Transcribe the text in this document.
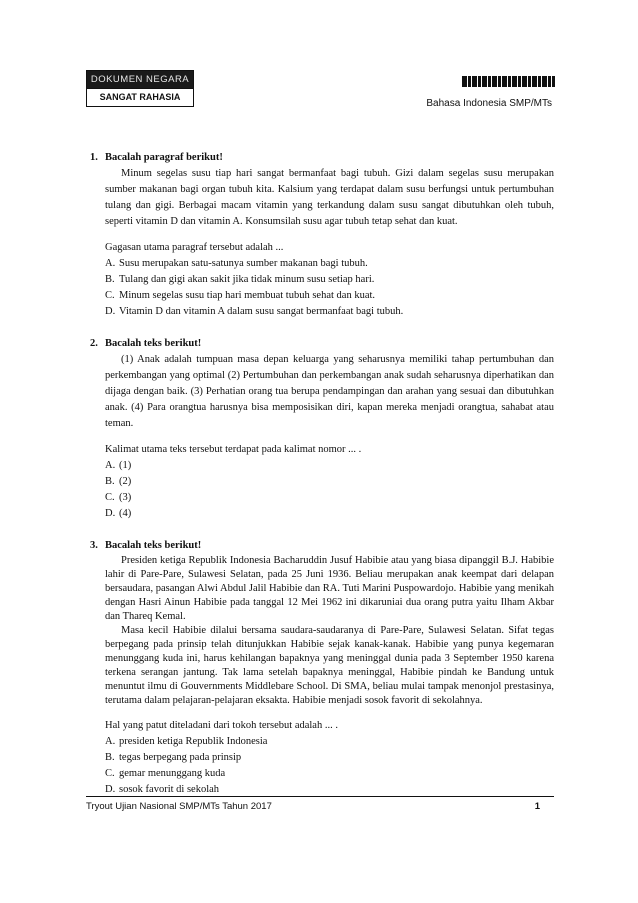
DOKUMEN NEGARA
SANGAT RAHASIA
Bahasa Indonesia SMP/MTs
1. Bacalah paragraf berikut!
Minum segelas susu tiap hari sangat bermanfaat bagi tubuh. Gizi dalam segelas susu merupakan sumber makanan bagi organ tubuh kita. Kalsium yang terdapat dalam susu berfungsi untuk pertumbuhan tulang dan gigi. Berbagai macam vitamin yang terkandung dalam susu sangat dibutuhkan oleh tubuh, seperti vitamin D dan vitamin A. Konsumsilah susu agar tubuh tetap sehat dan kuat.
Gagasan utama paragraf tersebut adalah ...
A. Susu merupakan satu-satunya sumber makanan bagi tubuh.
B. Tulang dan gigi akan sakit jika tidak minum susu setiap hari.
C. Minum segelas susu tiap hari membuat tubuh sehat dan kuat.
D. Vitamin D dan vitamin A dalam susu sangat bermanfaat bagi tubuh.
2. Bacalah teks berikut!
(1) Anak adalah tumpuan masa depan keluarga yang seharusnya memiliki tahap pertumbuhan dan perkembangan yang optimal (2) Pertumbuhan dan perkembangan anak sudah seharusnya diperhatikan dan dijaga dengan baik. (3) Perhatian orang tua berupa pendampingan dan arahan yang sesuai dan dibutuhkan anak. (4) Para orangtua harusnya bisa memposisikan diri, kapan mereka menjadi orangtua, sahabat atau teman.
Kalimat utama teks tersebut terdapat pada kalimat nomor ... .
A. (1)
B. (2)
C. (3)
D. (4)
3. Bacalah teks berikut!
Presiden ketiga Republik Indonesia Bacharuddin Jusuf Habibie atau yang biasa dipanggil B.J. Habibie lahir di Pare-Pare, Sulawesi Selatan, pada 25 Juni 1936. Beliau merupakan anak keempat dari delapan bersaudara, pasangan Alwi Abdul Jalil Habibie dan RA. Tuti Marini Puspowardojo. Habibie yang menikah dengan Hasri Ainun Habibie pada tanggal 12 Mei 1962 ini dikaruniai dua orang putra yaitu Ilham Akbar dan Thareq Kemal.
Masa kecil Habibie dilalui bersama saudara-saudaranya di Pare-Pare, Sulawesi Selatan. Sifat tegas berpegang pada prinsip telah ditunjukkan Habibie sejak kanak-kanak. Habibie yang punya kegemaran menunggang kuda ini, harus kehilangan bapaknya yang meninggal dunia pada 3 September 1950 karena terkena serangan jantung. Tak lama setelah bapaknya meninggal, Habibie pindah ke Bandung untuk menuntut ilmu di Gouvernments Middlebare School. Di SMA, beliau mulai tampak menonjol prestasinya, terutama dalam pelajaran-pelajaran eksakta. Habibie menjadi sosok favorit di sekolahnya.
Hal yang patut diteladani dari tokoh tersebut adalah ... .
A. presiden ketiga Republik Indonesia
B. tegas berpegang pada prinsip
C. gemar menunggang kuda
D. sosok favorit di sekolah
Tryout Ujian Nasional SMP/MTs Tahun 2017	1
